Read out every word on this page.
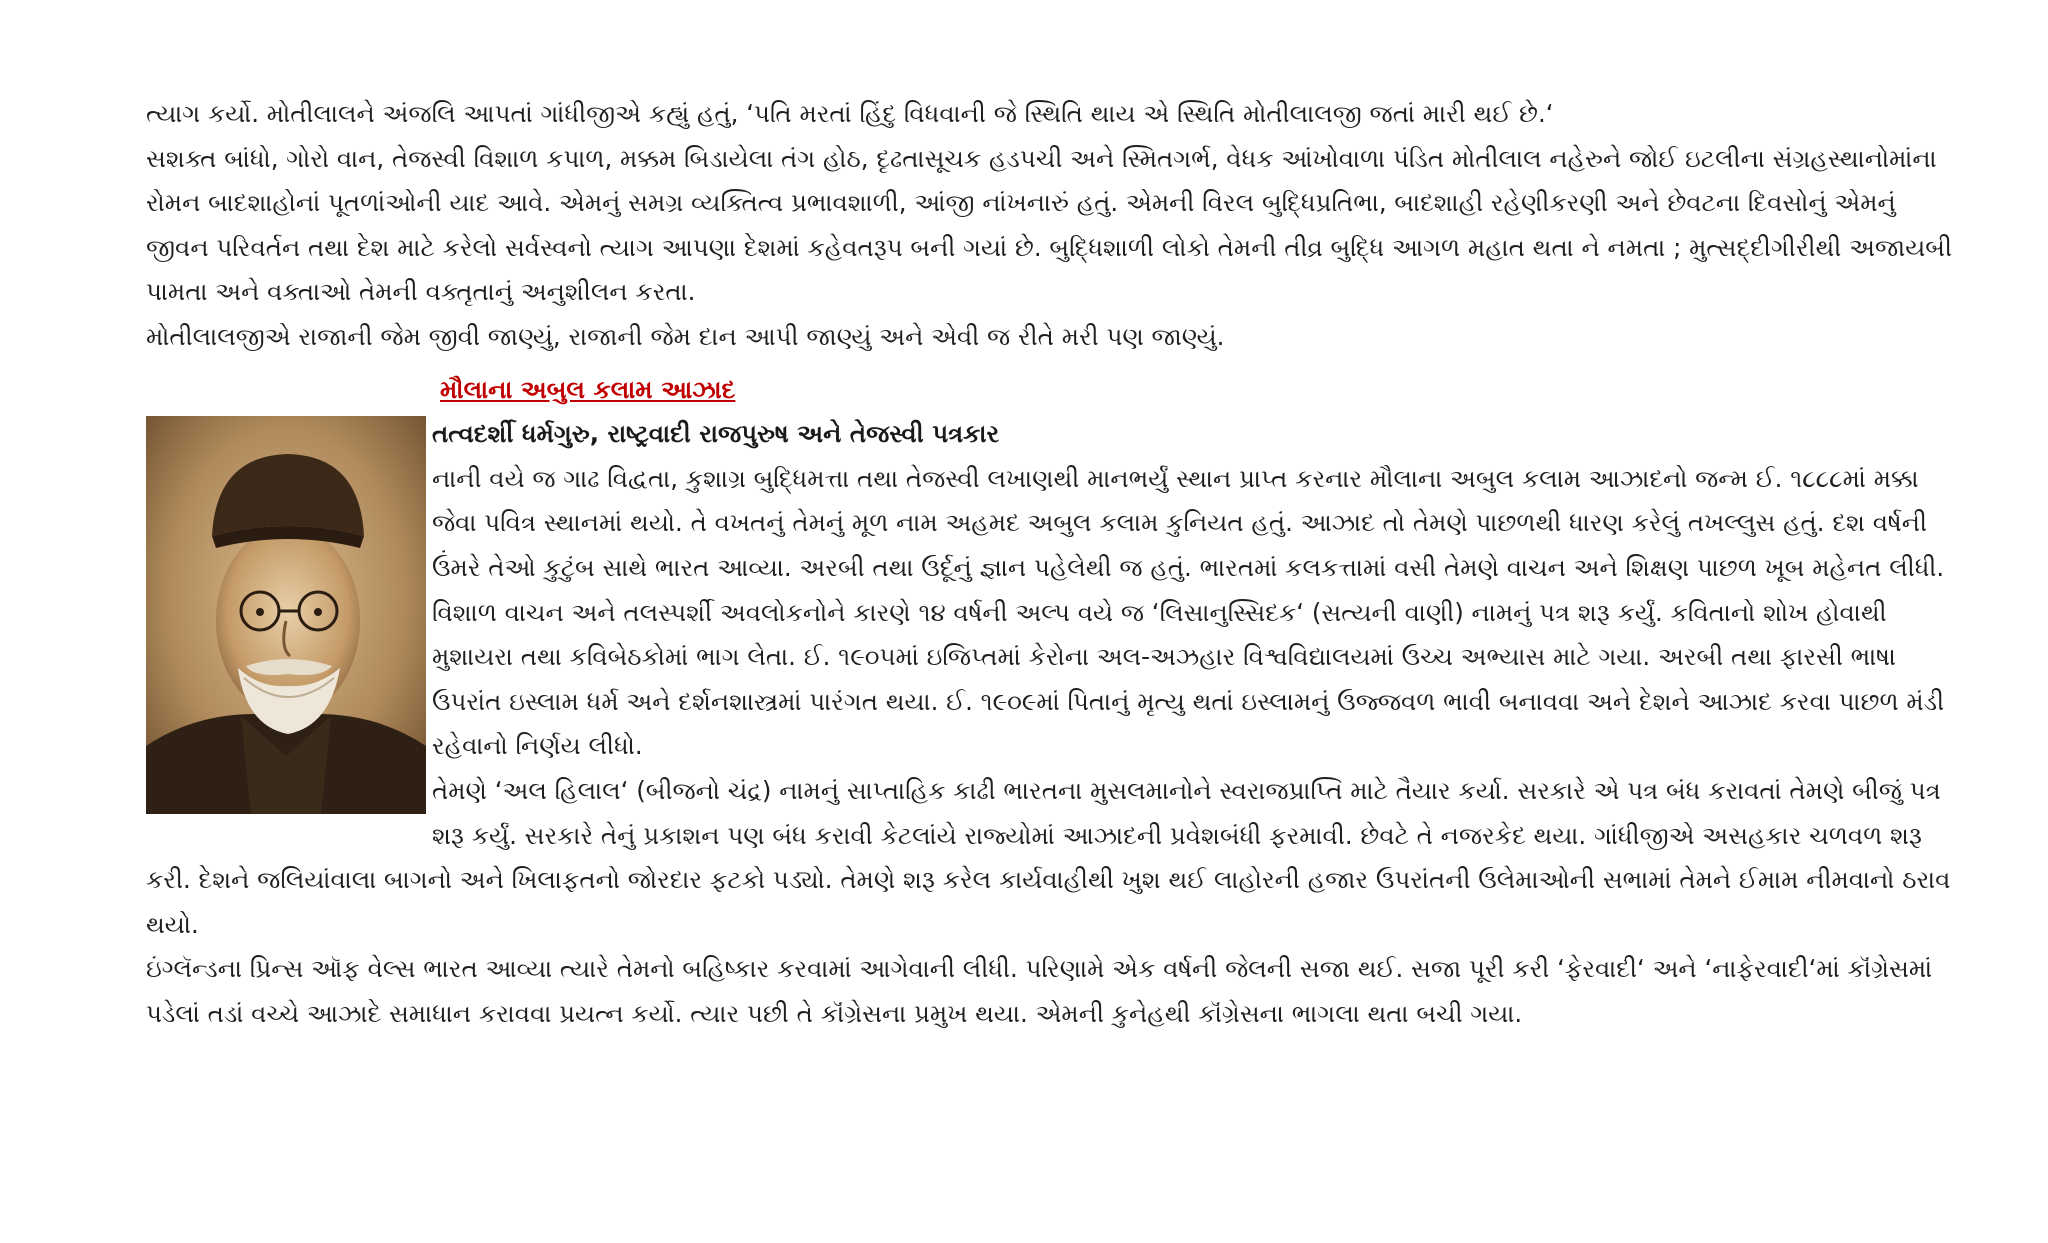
ત્યાગ કર્યો. મોતીલાલને અંજલિ આપતાં ગાંધીજીએ કહ્યું હતું, ‘પતિ મરતાં હિંદુ વિધવાની જે સ્થિતિ થાય એ સ્થિતિ મોતીલાલજી જતાં મારી થઈ છે.‘

સશક્ત બાંધો, ગોરો વાન, તેજસ્વી વિશાળ કપાળ, મક્કમ બિડાયેલા તંગ હોઠ, દૃઢતાસૂચક હડપચી અને સ્મિતગર્ભ, વેધક આંખોવાળા પંડિત મોતીલાલ નહેરુને જોઈ ઇટલીના સંગ્રહસ્થાનોમાંના રોમન બાદશાહોનાં પૂતળાંઓની યાદ આવે. એમનું સમગ્ર વ્યક્તિત્વ પ્રભાવશાળી, આંજી નાંખનારું હતું. એમની વિરલ બુદ્ધિપ્રતિભા, બાદશાહી રહેણીકરણી અને છેવટના દિવસોનું એમનું જીવન પરિવર્તન તથા દેશ માટે કરેલો સર્વસ્વનો ત્યાગ આપણા દેશમાં કહેવતરૂપ બની ગયાં છે. બુદ્ધિશાળી લોકો તેમની તીવ્ર બુદ્ધિ આગળ મહાત થતા ને નમતા ; મુત્સદ્દીગીરીથી અજાયબી પામતા અને વક્તાઓ તેમની વક્તૃતાનું અનુશીલન કરતા.

મોતીલાલજીએ રાજાની જેમ જીવી જાણ્યું, રાજાની જેમ દાન આપી જાણ્યું અને એવી જ રીતે મરી પણ જાણ્યું.

મૌલાના અબુલ કલામ આઝાદ

તત્વદર્શી ધર્મગુરુ, રાષ્ટ્રવાદી રાજપુરુષ અને તેજસ્વી પત્રકાર

નાની વયે જ ગાઢ વિદ્વતા, કુશાગ્ર બુદ્ધિમત્તા તથા તેજસ્વી લખાણથી માનભર્યું સ્થાન પ્રાપ્ત કરનાર મૌલાના અબુલ કલામ આઝાદનો જન્મ ઈ. ૧૮૮૮માં મક્કા જેવા પવિત્ર સ્થાનમાં થયો. તે વખતનું તેમનું મૂળ નામ અહમદ અબુલ કલામ કુનિયત હતું. આઝાદ તો તેમણે પાછળથી ધારણ કરેલું તખલ્લુસ હતું. દશ વર્ષની ઉંમરે તેઓ કુટુંબ સાથે ભારત આવ્યા. અરબી તથા ઉર્દૂનું જ્ઞાન પહેલેથી જ હતું. ભારતમાં કલકત્તામાં વસી તેમણે વાચન અને શિક્ષણ પાછળ ખૂબ મહેનત લીધી. વિશાળ વાચન અને તલસ્પર્શી અવલોકનોને કારણે ૧૪ વર્ષની અલ્પ વયે જ ‘લિસાનુસ્સિદક‘ (સત્યની વાણી) નામનું પત્ર શરૂ કર્યું. કવિતાનો શોખ હોવાથી મુશાયરા તથા કવિબેઠકોમાં ભાગ લેતા. ઈ. ૧૯૦૫માં ઇજિપ્તમાં કેરોના અલ-અઝહાર વિશ્વવિદ્યાલયમાં ઉચ્ચ અભ્યાસ માટે ગયા. અરબી તથા ફારસી ભાષા ઉપરાંત ઇસ્લામ ધર્મ અને દર્શનશાસ્ત્રમાં પારંગત થયા. ઈ. ૧૯૦૯માં પિતાનું મૃત્યુ થતાં ઇસ્લામનું ઉજ્જવળ ભાવી બનાવવા અને દેશને આઝાદ કરવા પાછળ મંડી રહેવાનો નિર્ણય લીધો.

તેમણે ‘અલ હિલાલ‘ (બીજનો ચંદ્ર) નામનું સાપ્તાહિક કાઢી ભારતના મુસલમાનોને સ્વરાજપ્રાપ્તિ માટે તૈયાર કર્યા. સરકારે એ પત્ર બંધ કરાવતાં તેમણે બીજું પત્ર શરૂ કર્યું. સરકારે તેનું પ્રકાશન પણ બંધ કરાવી કેટલાંયે રાજ્યોમાં આઝાદની પ્રવેશબંધી ફરમાવી. છેવટે તે નજરકેદ થયા. ગાંધીજીએ અસહકાર ચળવળ શરૂ કરી. દેશને જલિયાંવાલા બાગનો અને ખિલાફતનો જોરદાર ફટકો પડ્યો. તેમણે શરૂ કરેલ કાર્યવાહીથી ખુશ થઈ લાહોરની હજાર ઉપરાંતની ઉલેમાઓની સભામાં તેમને ઈમામ નીમવાનો ઠરાવ થયો.

ઇંગ્લૅન્ડના પ્રિન્સ ઑફ વેલ્સ ભારત આવ્યા ત્યારે તેમનો બહિષ્કાર કરવામાં આગેવાની લીધી. પરિણામે એક વર્ષની જેલની સજા થઈ. સજા પૂરી કરી ‘ફેરવાદી‘ અને ‘નાફેરવાદી‘માં કૉંગ્રેસમાં પડેલાં તડાં વચ્ચે આઝાદે સમાધાન કરાવવા પ્રયત્ન કર્યો. ત્યાર પછી તે કૉંગ્રેસના પ્રમુખ થયા. એમની કુનેહથી કૉંગ્રેસના ભાગલા થતા બચી ગયા.
